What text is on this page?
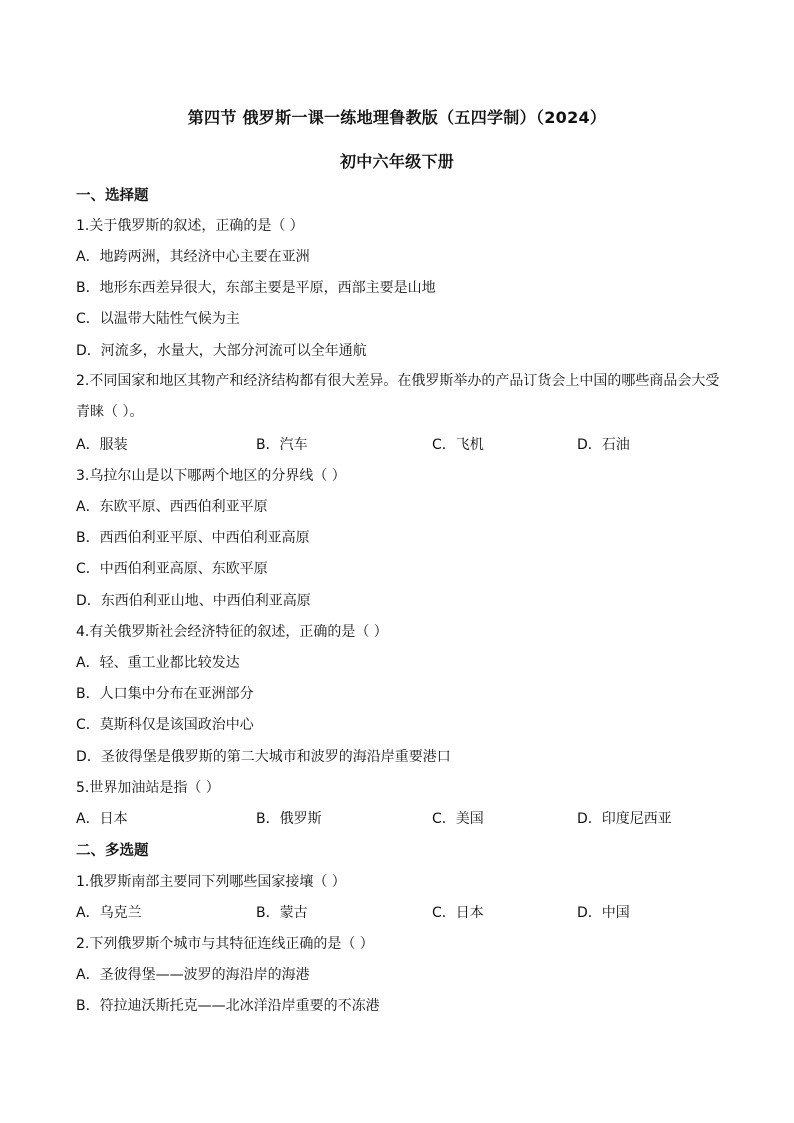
第四节 俄罗斯一课一练地理鲁教版（五四学制）（2024）
初中六年级下册
一、选择题
1.关于俄罗斯的叙述，正确的是（ ）
A．地跨两洲，其经济中心主要在亚洲
B．地形东西差异很大，东部主要是平原，西部主要是山地
C．以温带大陆性气候为主
D．河流多，水量大，大部分河流可以全年通航
2.不同国家和地区其物产和经济结构都有很大差异。在俄罗斯举办的产品订货会上中国的哪些商品会大受青睐（ ）。
A．服装	B．汽车	C．飞机	D．石油
3.乌拉尔山是以下哪两个地区的分界线（ ）
A．东欧平原、西西伯利亚平原
B．西西伯利亚平原、中西伯利亚高原
C．中西伯利亚高原、东欧平原
D．东西伯利亚山地、中西伯利亚高原
4.有关俄罗斯社会经济特征的叙述，正确的是（ ）
A．轻、重工业都比较发达
B．人口集中分布在亚洲部分
C．莫斯科仅是该国政治中心
D．圣彼得堡是俄罗斯的第二大城市和波罗的海沿岸重要港口
5.世界加油站是指（ ）
A．日本	B．俄罗斯	C．美国	D．印度尼西亚
二、多选题
1.俄罗斯南部主要同下列哪些国家接壤（ ）
A．乌克兰	B．蒙古	C．日本	D．中国
2.下列俄罗斯个城市与其特征连线正确的是（ ）
A．圣彼得堡——波罗的海沿岸的海港
B．符拉迪沃斯托克——北冰洋沿岸重要的不冻港
